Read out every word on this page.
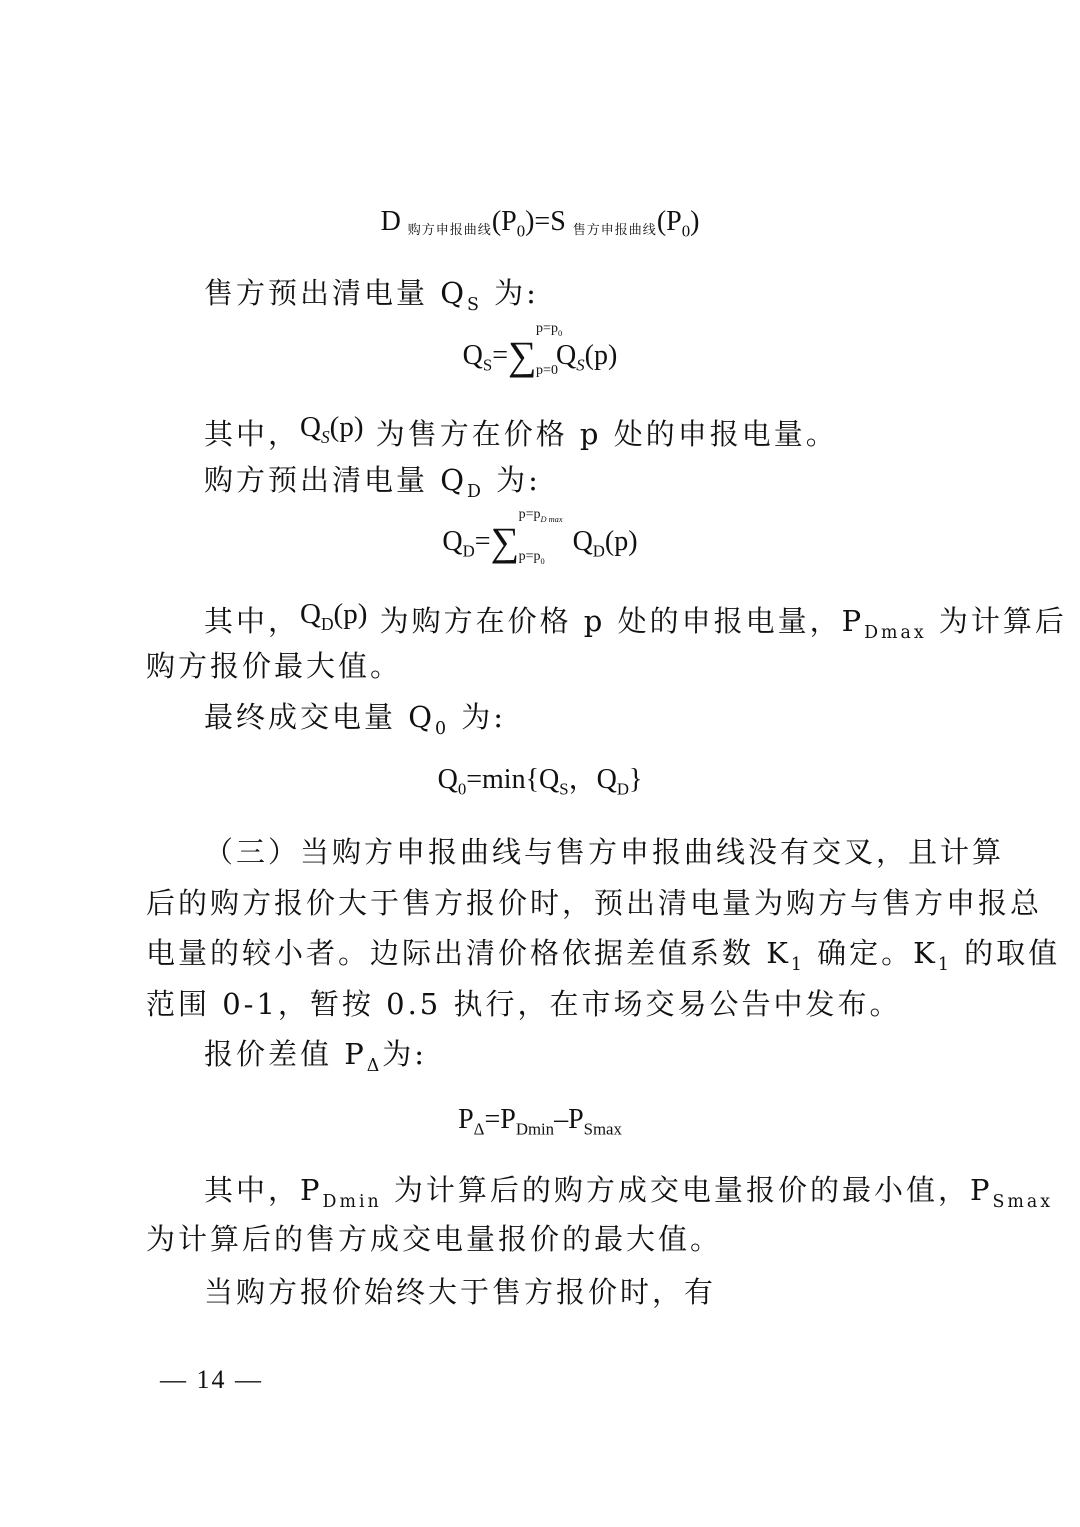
D 购方申报曲线$(P_0)=S$ 售方申报曲线$(P_0)$
售方预出清电量 $Q_S$ 为:
$Q_S=$ ∑
$p=p_0$
p=0
$Q_S(p)$
其中，$Q_S(p)$ 为售方在价格 p 处的申报电量。
购方预出清电量 $Q_D$ 为:
$Q_D=$ ∑
$p=p_{D max}$
$p=p_0$
$Q_D(p)$
其中，$Q_D(p)$ 为购方在价格 p 处的申报电量，$P_{Dmax}$ 为计算后
购方报价最大值。
最终成交电量 $Q_0$ 为:
$Q_0=\min\{Q_S$，$Q_D$}
（三）当购方申报曲线与售方申报曲线没有交叉，且计算
后的购方报价大于售方报价时，预出清电量为购方与售方申报总
电量的较小者。边际出清价格依据差值系数 $K_1$ 确定。$K_1$ 的取值
范围 0-1，暂按 0.5 执行，在市场交易公告中发布。
报价差值 $P_\Delta$为:
$P_\Delta=P_{Dmin}-P_{Smax}$
其中，$P_{Dmin}$ 为计算后的购方成交电量报价的最小值，$P_{Smax}$
为计算后的售方成交电量报价的最大值。
当购方报价始终大于售方报价时，有
— 14 —
